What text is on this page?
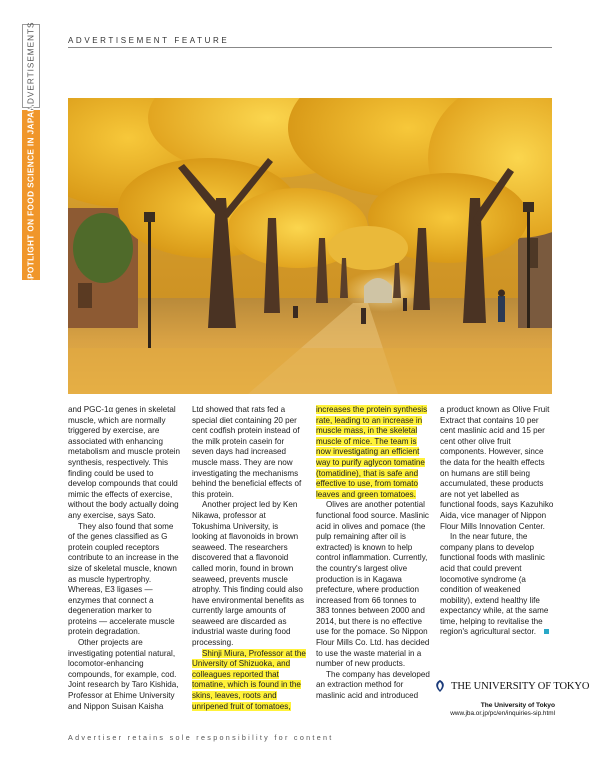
ADVERTISEMENTS
SPOTLIGHT ON FOOD SCIENCE IN JAPAN
ADVERTISEMENT FEATURE

and PGC-1α genes in skeletal muscle, which are normally triggered by exercise, are associated with enhancing metabolism and muscle protein synthesis, respectively. This finding could be used to develop compounds that could mimic the effects of exercise, without the body actually doing any exercise, says Sato.

They also found that some of the genes classified as G protein coupled receptors contribute to an increase in the size of skeletal muscle, known as muscle hypertrophy. Whereas, E3 ligases — enzymes that connect a degeneration marker to proteins — accelerate muscle protein degradation.

Other projects are investigating potential natural, locomotor-enhancing compounds, for example, cod. Joint research by Taro Kishida, Professor at Ehime University and Nippon Suisan Kaisha

Ltd showed that rats fed a special diet containing 20 per cent codfish protein instead of the milk protein casein for seven days had increased muscle mass. They are now investigating the mechanisms behind the beneficial effects of this protein.

Another project led by Ken Nikawa, professor at Tokushima University, is looking at flavonoids in brown seaweed. The researchers discovered that a flavonoid called morin, found in brown seaweed, prevents muscle atrophy. This finding could also have environmental benefits as currently large amounts of seaweed are discarded as industrial waste during food processing.

Shinji Miura, Professor at the University of Shizuoka, and colleagues reported that tomatine, which is found in the skins, leaves, roots and unripened fruit of tomatoes,

increases the protein synthesis rate, leading to an increase in muscle mass, in the skeletal muscle of mice. The team is now investigating an efficient way to purify aglycon tomatine (tomatidine), that is safe and effective to use, from tomato leaves and green tomatoes.

Olives are another potential functional food source. Maslinic acid in olives and pomace (the pulp remaining after oil is extracted) is known to help control inflammation. Currently, the country's largest olive production is in Kagawa prefecture, where production increased from 66 tonnes to 383 tonnes between 2000 and 2014, but there is no effective use for the pomace. So Nippon Flour Mills Co. Ltd. has decided to use the waste material in a number of new products.

The company has developed an extraction method for maslinic acid and introduced

a product known as Olive Fruit Extract that contains 10 per cent maslinic acid and 15 per cent other olive fruit components. However, since the data for the health effects on humans are still being accumulated, these products are not yet labelled as functional foods, says Kazuhiko Aida, vice manager of Nippon Flour Mills Innovation Center.

In the near future, the company plans to develop functional foods with maslinic acid that could prevent locomotive syndrome (a condition of weakened mobility), extend healthy life expectancy while, at the same time, helping to revitalise the region's agricultural sector.

THE UNIVERSITY OF TOKYO
The University of Tokyo
www.jba.or.jp/pc/en/inquiries-sip.html
Advertiser retains sole responsibility for content
